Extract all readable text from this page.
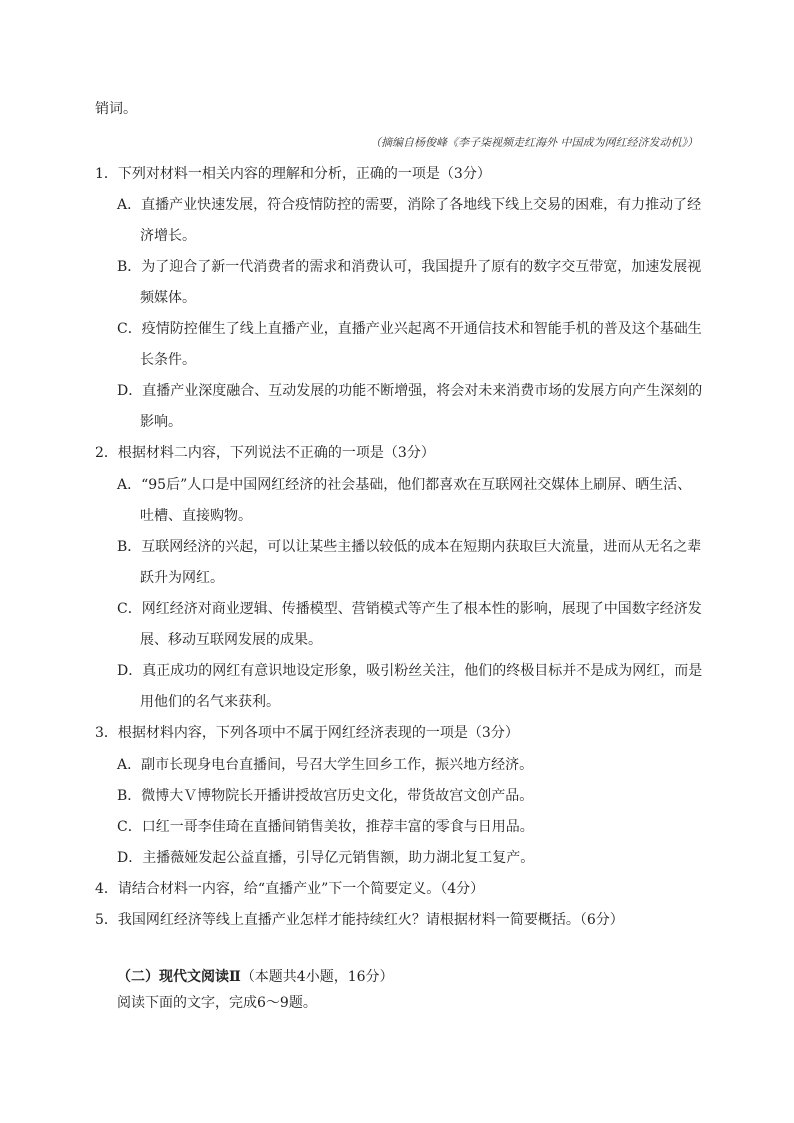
销词。
（摘编自杨俊峰《李子柒视频走红海外 中国成为网红经济发动机》）
1．下列对材料一相关内容的理解和分析，正确的一项是（3分）
A．直播产业快速发展，符合疫情防控的需要，消除了各地线下线上交易的困难，有力推动了经
济增长。
B．为了迎合了新一代消费者的需求和消费认可，我国提升了原有的数字交互带宽，加速发展视
频媒体。
C．疫情防控催生了线上直播产业，直播产业兴起离不开通信技术和智能手机的普及这个基础生
长条件。
D．直播产业深度融合、互动发展的功能不断增强，将会对未来消费市场的发展方向产生深刻的
影响。
2．根据材料二内容，下列说法不正确的一项是（3分）
A．“95后”人口是中国网红经济的社会基础，他们都喜欢在互联网社交媒体上刷屏、晒生活、
吐槽、直接购物。
B．互联网经济的兴起，可以让某些主播以较低的成本在短期内获取巨大流量，进而从无名之辈
跃升为网红。
C．网红经济对商业逻辑、传播模型、营销模式等产生了根本性的影响，展现了中国数字经济发
展、移动互联网发展的成果。
D．真正成功的网红有意识地设定形象，吸引粉丝关注，他们的终极目标并不是成为网红，而是
用他们的名气来获利。
3．根据材料内容，下列各项中不属于网红经济表现的一项是（3分）
A．副市长现身电台直播间，号召大学生回乡工作，振兴地方经济。
B．微博大Ｖ博物院长开播讲授故宫历史文化，带货故宫文创产品。
C．口红一哥李佳琦在直播间销售美妆，推荐丰富的零食与日用品。
D．主播薇娅发起公益直播，引导亿元销售额，助力湖北复工复产。
4．请结合材料一内容，给“直播产业”下一个简要定义。（4分）
5．我国网红经济等线上直播产业怎样才能持续红火？请根据材料一简要概括。（6分）
（二）现代文阅读Ⅱ（本题共4小题，16分）
阅读下面的文字，完成6～9题。
